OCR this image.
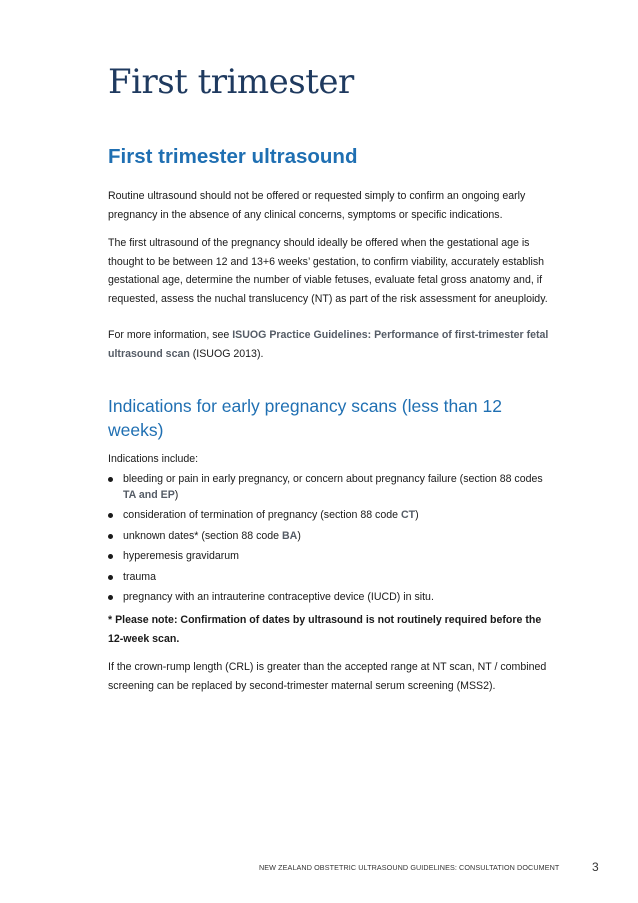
First trimester
First trimester ultrasound

Routine ultrasound should not be offered or requested simply to confirm an ongoing early pregnancy in the absence of any clinical concerns, symptoms or specific indications.

The first ultrasound of the pregnancy should ideally be offered when the gestational age is thought to be between 12 and 13+6 weeks’ gestation, to confirm viability, accurately establish gestational age, determine the number of viable fetuses, evaluate fetal gross anatomy and, if requested, assess the nuchal translucency (NT) as part of the risk assessment for aneuploidy.

For more information, see ISUOG Practice Guidelines: Performance of first-trimester fetal ultrasound scan (ISUOG 2013).

Indications for early pregnancy scans (less than 12 weeks)

Indications include:

bleeding or pain in early pregnancy, or concern about pregnancy failure (section 88 codes TA and EP)
consideration of termination of pregnancy (section 88 code CT)
unknown dates* (section 88 code BA)
hyperemesis gravidarum
trauma
pregnancy with an intrauterine contraceptive device (IUCD) in situ.

* Please note: Confirmation of dates by ultrasound is not routinely required before the 12-week scan.

If the crown-rump length (CRL) is greater than the accepted range at NT scan, NT / combined screening can be replaced by second-trimester maternal serum screening (MSS2).

NEW ZEALAND OBSTETRIC ULTRASOUND GUIDELINES: CONSULTATION DOCUMENT	3
